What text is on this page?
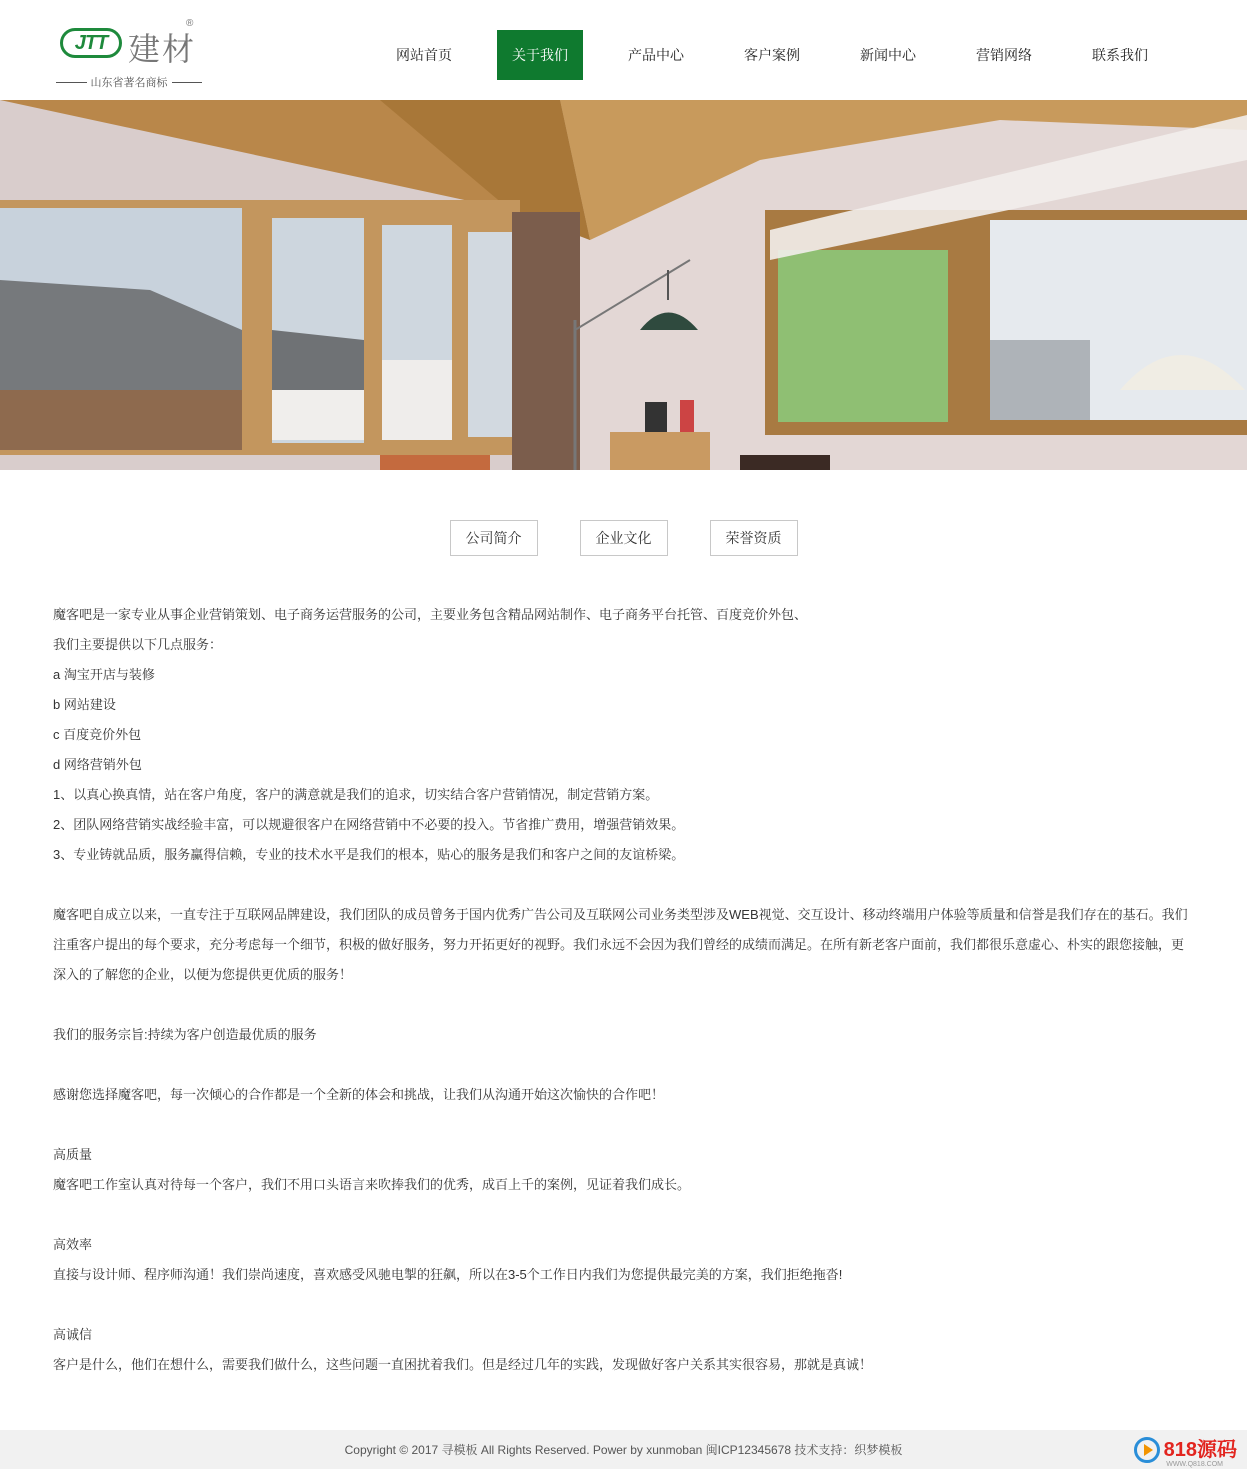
JTT 建材
®
山东省著名商标
网站首页	关于我们	产品中心	客户案例	新闻中心	营销网络	联系我们
公司简介	企业文化	荣誉资质

魔客吧是一家专业从事企业营销策划、电子商务运营服务的公司，主要业务包含精品网站制作、电子商务平台托管、百度竞价外包、

我们主要提供以下几点服务：

a 淘宝开店与装修

b 网站建设

c 百度竞价外包

d 网络营销外包

1、以真心换真情，站在客户角度，客户的满意就是我们的追求，切实结合客户营销情况，制定营销方案。

2、团队网络营销实战经验丰富，可以规避很客户在网络营销中不必要的投入。节省推广费用，增强营销效果。

3、专业铸就品质，服务赢得信赖，专业的技术水平是我们的根本，贴心的服务是我们和客户之间的友谊桥梁。

魔客吧自成立以来，一直专注于互联网品牌建设，我们团队的成员曾务于国内优秀广告公司及互联网公司业务类型涉及WEB视觉、交互设计、移动终端用户体验等质量和信誉是我们存在的基石。我们注重客户提出的每个要求，充分考虑每一个细节，积极的做好服务，努力开拓更好的视野。我们永远不会因为我们曾经的成绩而满足。在所有新老客户面前，我们都很乐意虚心、朴实的跟您接触，更深入的了解您的企业，以便为您提供更优质的服务！

我们的服务宗旨:持续为客户创造最优质的服务

感谢您选择魔客吧，每一次倾心的合作都是一个全新的体会和挑战，让我们从沟通开始这次愉快的合作吧！

高质量

魔客吧工作室认真对待每一个客户，我们不用口头语言来吹捧我们的优秀，成百上千的案例，见证着我们成长。

高效率

直接与设计师、程序师沟通！我们崇尚速度，喜欢感受风驰电掣的狂飙，所以在3-5个工作日内我们为您提供最完美的方案，我们拒绝拖沓!

高诚信

客户是什么，他们在想什么，需要我们做什么，这些问题一直困扰着我们。但是经过几年的实践，发现做好客户关系其实很容易，那就是真诚！

Copyright © 2017 寻模板 All Rights Reserved. Power by xunmoban 闽ICP12345678 技术支持：织梦模板	818源码
WWW.Q818.COM
